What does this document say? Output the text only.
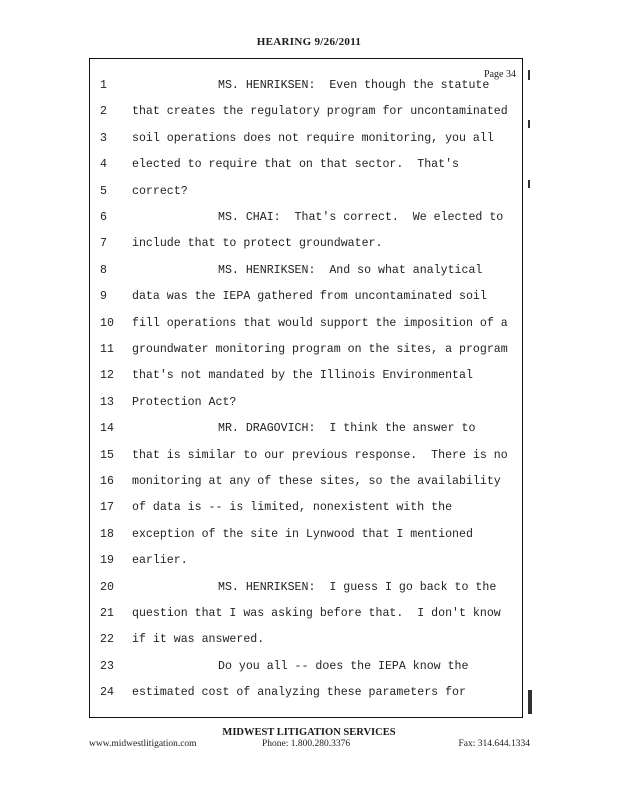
HEARING 9/26/2011
Page 34
1	MS. HENRIKSEN:  Even though the statute
2	that creates the regulatory program for uncontaminated
3	soil operations does not require monitoring, you all
4	elected to require that on that sector.  That's
5	correct?
6	MS. CHAI:  That's correct.  We elected to
7	include that to protect groundwater.
8	MS. HENRIKSEN:  And so what analytical
9	data was the IEPA gathered from uncontaminated soil
10	fill operations that would support the imposition of a
11	groundwater monitoring program on the sites, a program
12	that's not mandated by the Illinois Environmental
13	Protection Act?
14	MR. DRAGOVICH:  I think the answer to
15	that is similar to our previous response.  There is no
16	monitoring at any of these sites, so the availability
17	of data is -- is limited, nonexistent with the
18	exception of the site in Lynwood that I mentioned
19	earlier.
20	MS. HENRIKSEN:  I guess I go back to the
21	question that I was asking before that.  I don't know
22	if it was answered.
23	Do you all -- does the IEPA know the
24	estimated cost of analyzing these parameters for
MIDWEST LITIGATION SERVICES
www.midwestlitigation.com	Phone: 1.800.280.3376	Fax: 314.644.1334
